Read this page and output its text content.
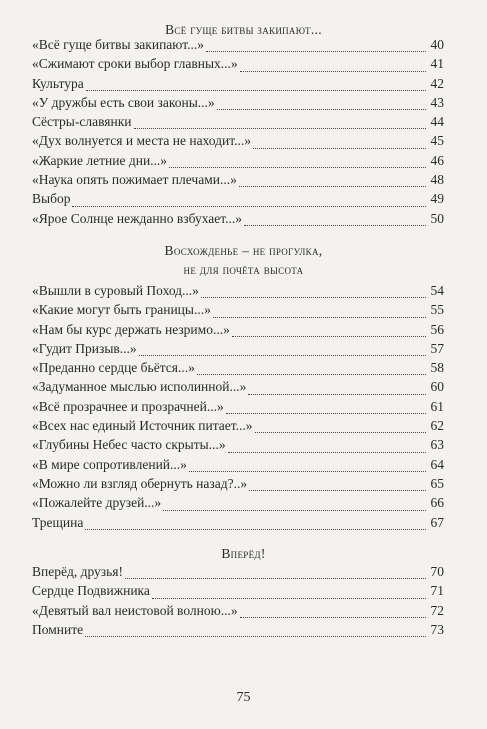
Всё гуще битвы закипают...
«Всё гуще битвы закипают...»	40
«Сжимают сроки выбор главных...»	41
Культура	42
«У дружбы есть свои законы...»	43
Сёстры-славянки	44
«Дух волнуется и места не находит...»	45
«Жаркие летние дни...»	46
«Наука опять пожимает плечами...»	48
Выбор	49
«Ярое Солнце нежданно взбухает...»	50
Восхожденье – не прогулка,
не для почёта высота
«Вышли в суровый Поход...»	54
«Какие могут быть границы...»	55
«Нам бы курс держать незримо...»	56
«Гудит Призыв...»	57
«Преданно сердце бьётся...»	58
«Задуманное мыслью исполинной...»	60
«Всё прозрачнее и прозрачней...»	61
«Всех нас единый Источник питает...»	62
«Глубины Небес часто скрыты...»	63
«В мире сопротивлений...»	64
«Можно ли взгляд обернуть назад?..»	65
«Пожалейте друзей...»	66
Трещина	67
Вперёд!
Вперёд, друзья!	70
Сердце Подвижника	71
«Девятый вал неистовой волною...»	72
Помните	73
75
